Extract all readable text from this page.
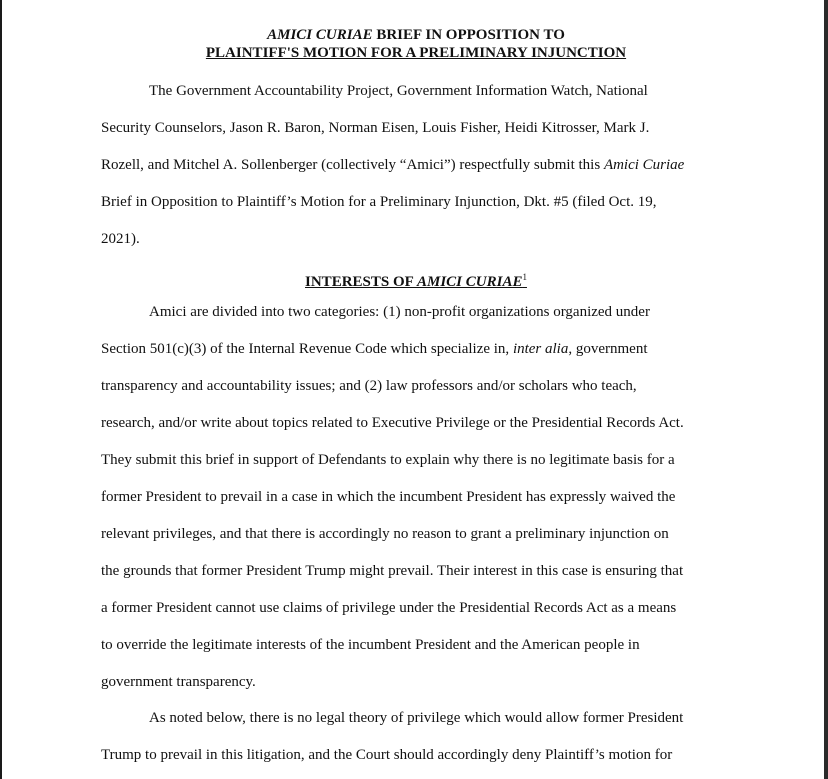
AMICI CURIAE BRIEF IN OPPOSITION TO
PLAINTIFF'S MOTION FOR A PRELIMINARY INJUNCTION
The Government Accountability Project, Government Information Watch, National
Security Counselors, Jason R. Baron, Norman Eisen, Louis Fisher, Heidi Kitrosser, Mark J.
Rozell, and Mitchel A. Sollenberger (collectively “Amici”) respectfully submit this Amici Curiae
Brief in Opposition to Plaintiff’s Motion for a Preliminary Injunction, Dkt. #5 (filed Oct. 19,
2021).
INTERESTS OF AMICI CURIAE$^1$
Amici are divided into two categories: (1) non-profit organizations organized under
Section 501(c)(3) of the Internal Revenue Code which specialize in, inter alia, government
transparency and accountability issues; and (2) law professors and/or scholars who teach,
research, and/or write about topics related to Executive Privilege or the Presidential Records Act.
They submit this brief in support of Defendants to explain why there is no legitimate basis for a
former President to prevail in a case in which the incumbent President has expressly waived the
relevant privileges, and that there is accordingly no reason to grant a preliminary injunction on
the grounds that former President Trump might prevail. Their interest in this case is ensuring that
a former President cannot use claims of privilege under the Presidential Records Act as a means
to override the legitimate interests of the incumbent President and the American people in
government transparency.
As noted below, there is no legal theory of privilege which would allow former President
Trump to prevail in this litigation, and the Court should accordingly deny Plaintiff’s motion for
